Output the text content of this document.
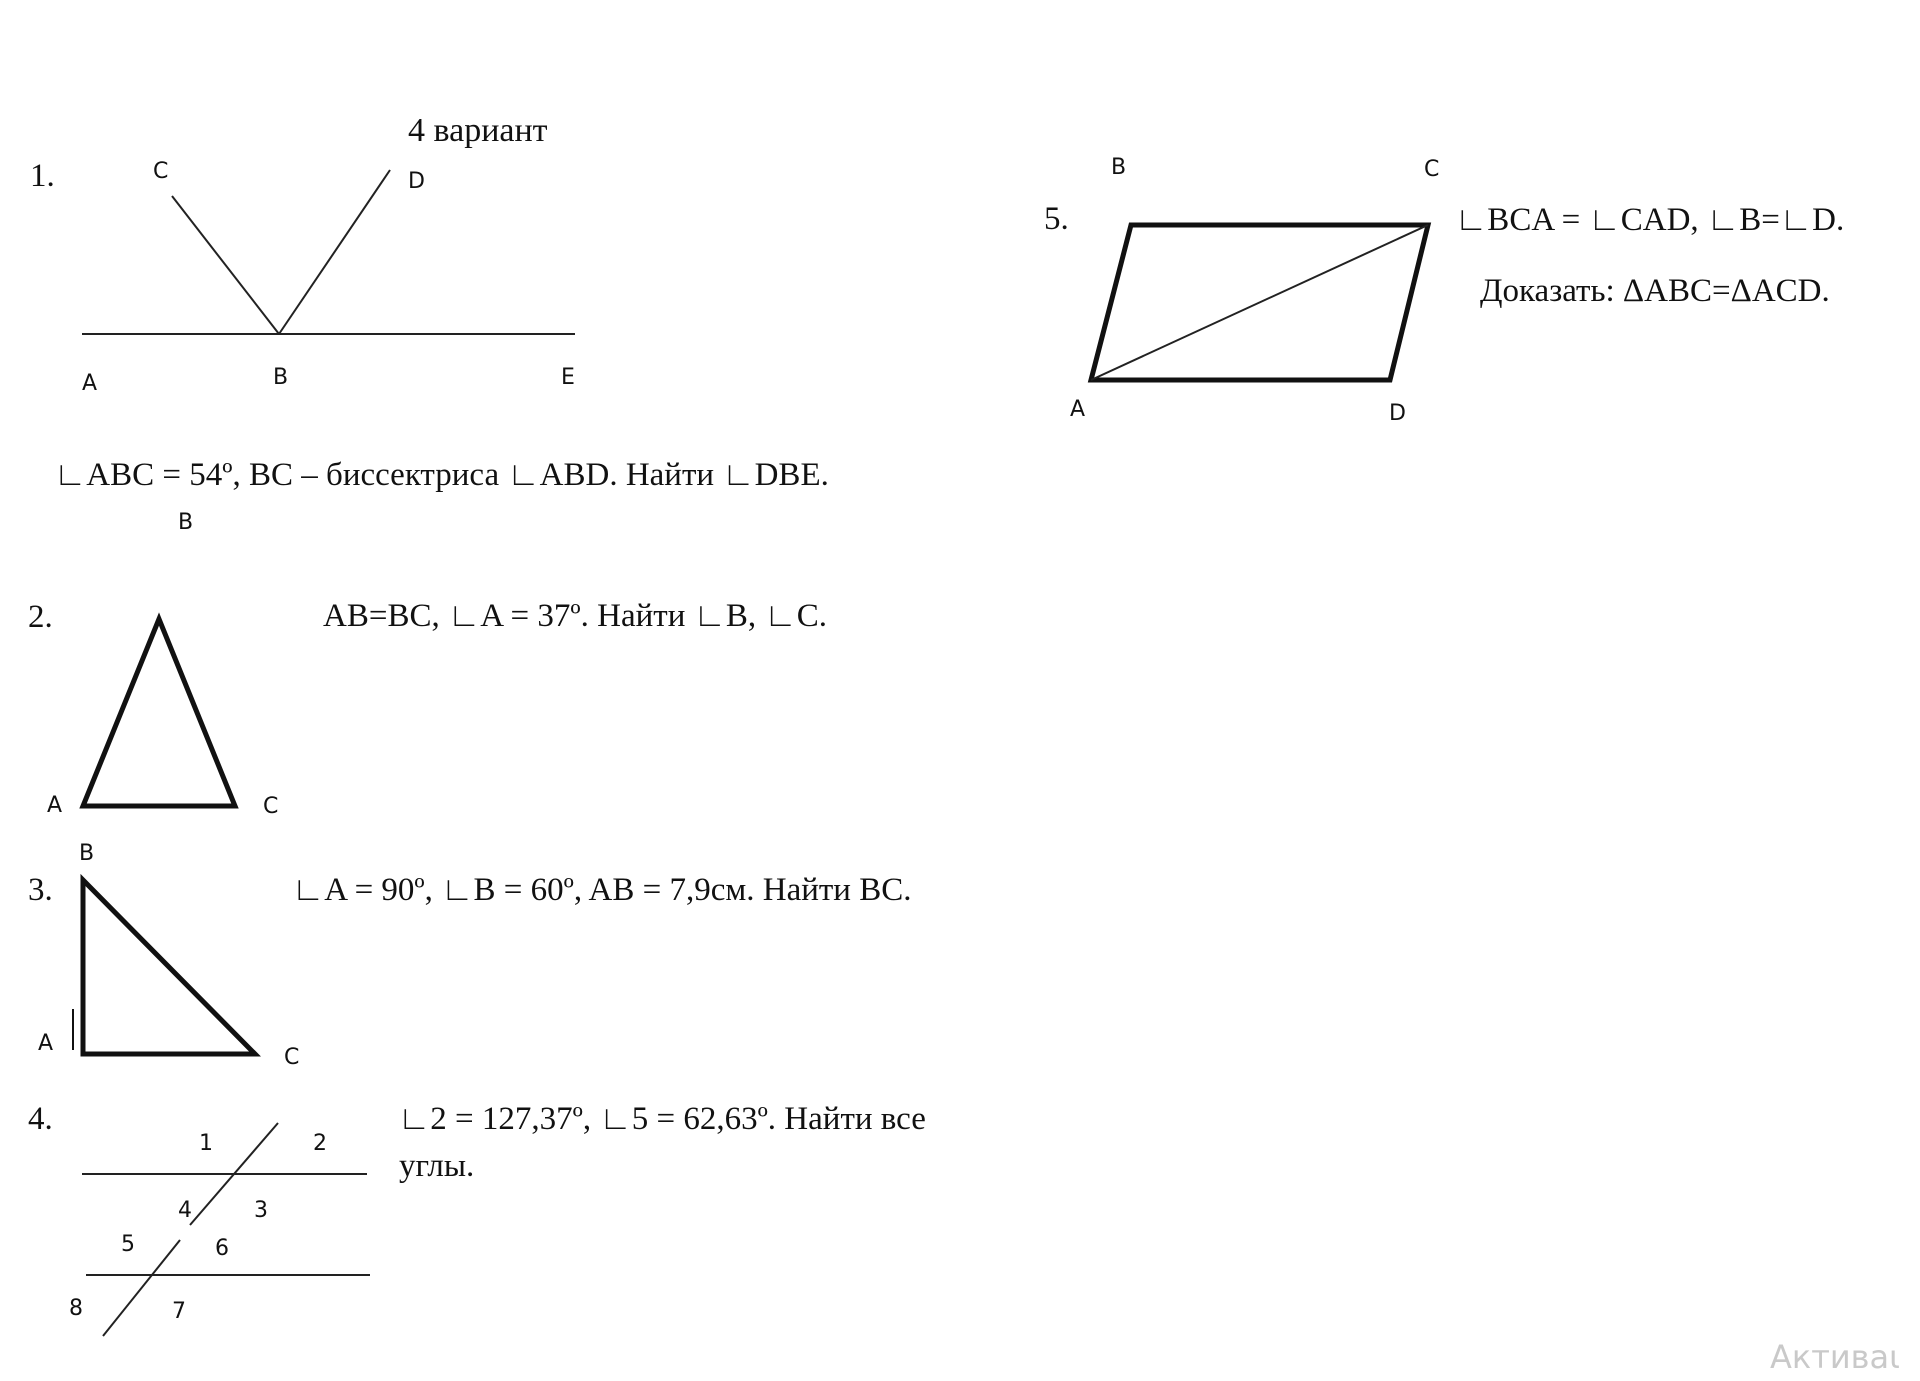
4 вариант
1.	C	D
A	B	E
∟ABC = 54º, BC – биссектриса ∟ABD. Найти ∟DBE.
B
2.	AB=BC, ∟A = 37º. Найти ∟B, ∟C.
A	C
B
3.	∟A = 90º, ∟B = 60º, AB = 7,9см. Найти BC.
A
C
4.	∟2 = 127,37º, ∟5 = 62,63º. Найти все
углы.
1	2
4	3
5	6
8	7
B	C
5.	∟BCA = ∟CAD, ∟B=∟D.
Доказать: ΔABC=ΔACD.
A	D
Активаι
